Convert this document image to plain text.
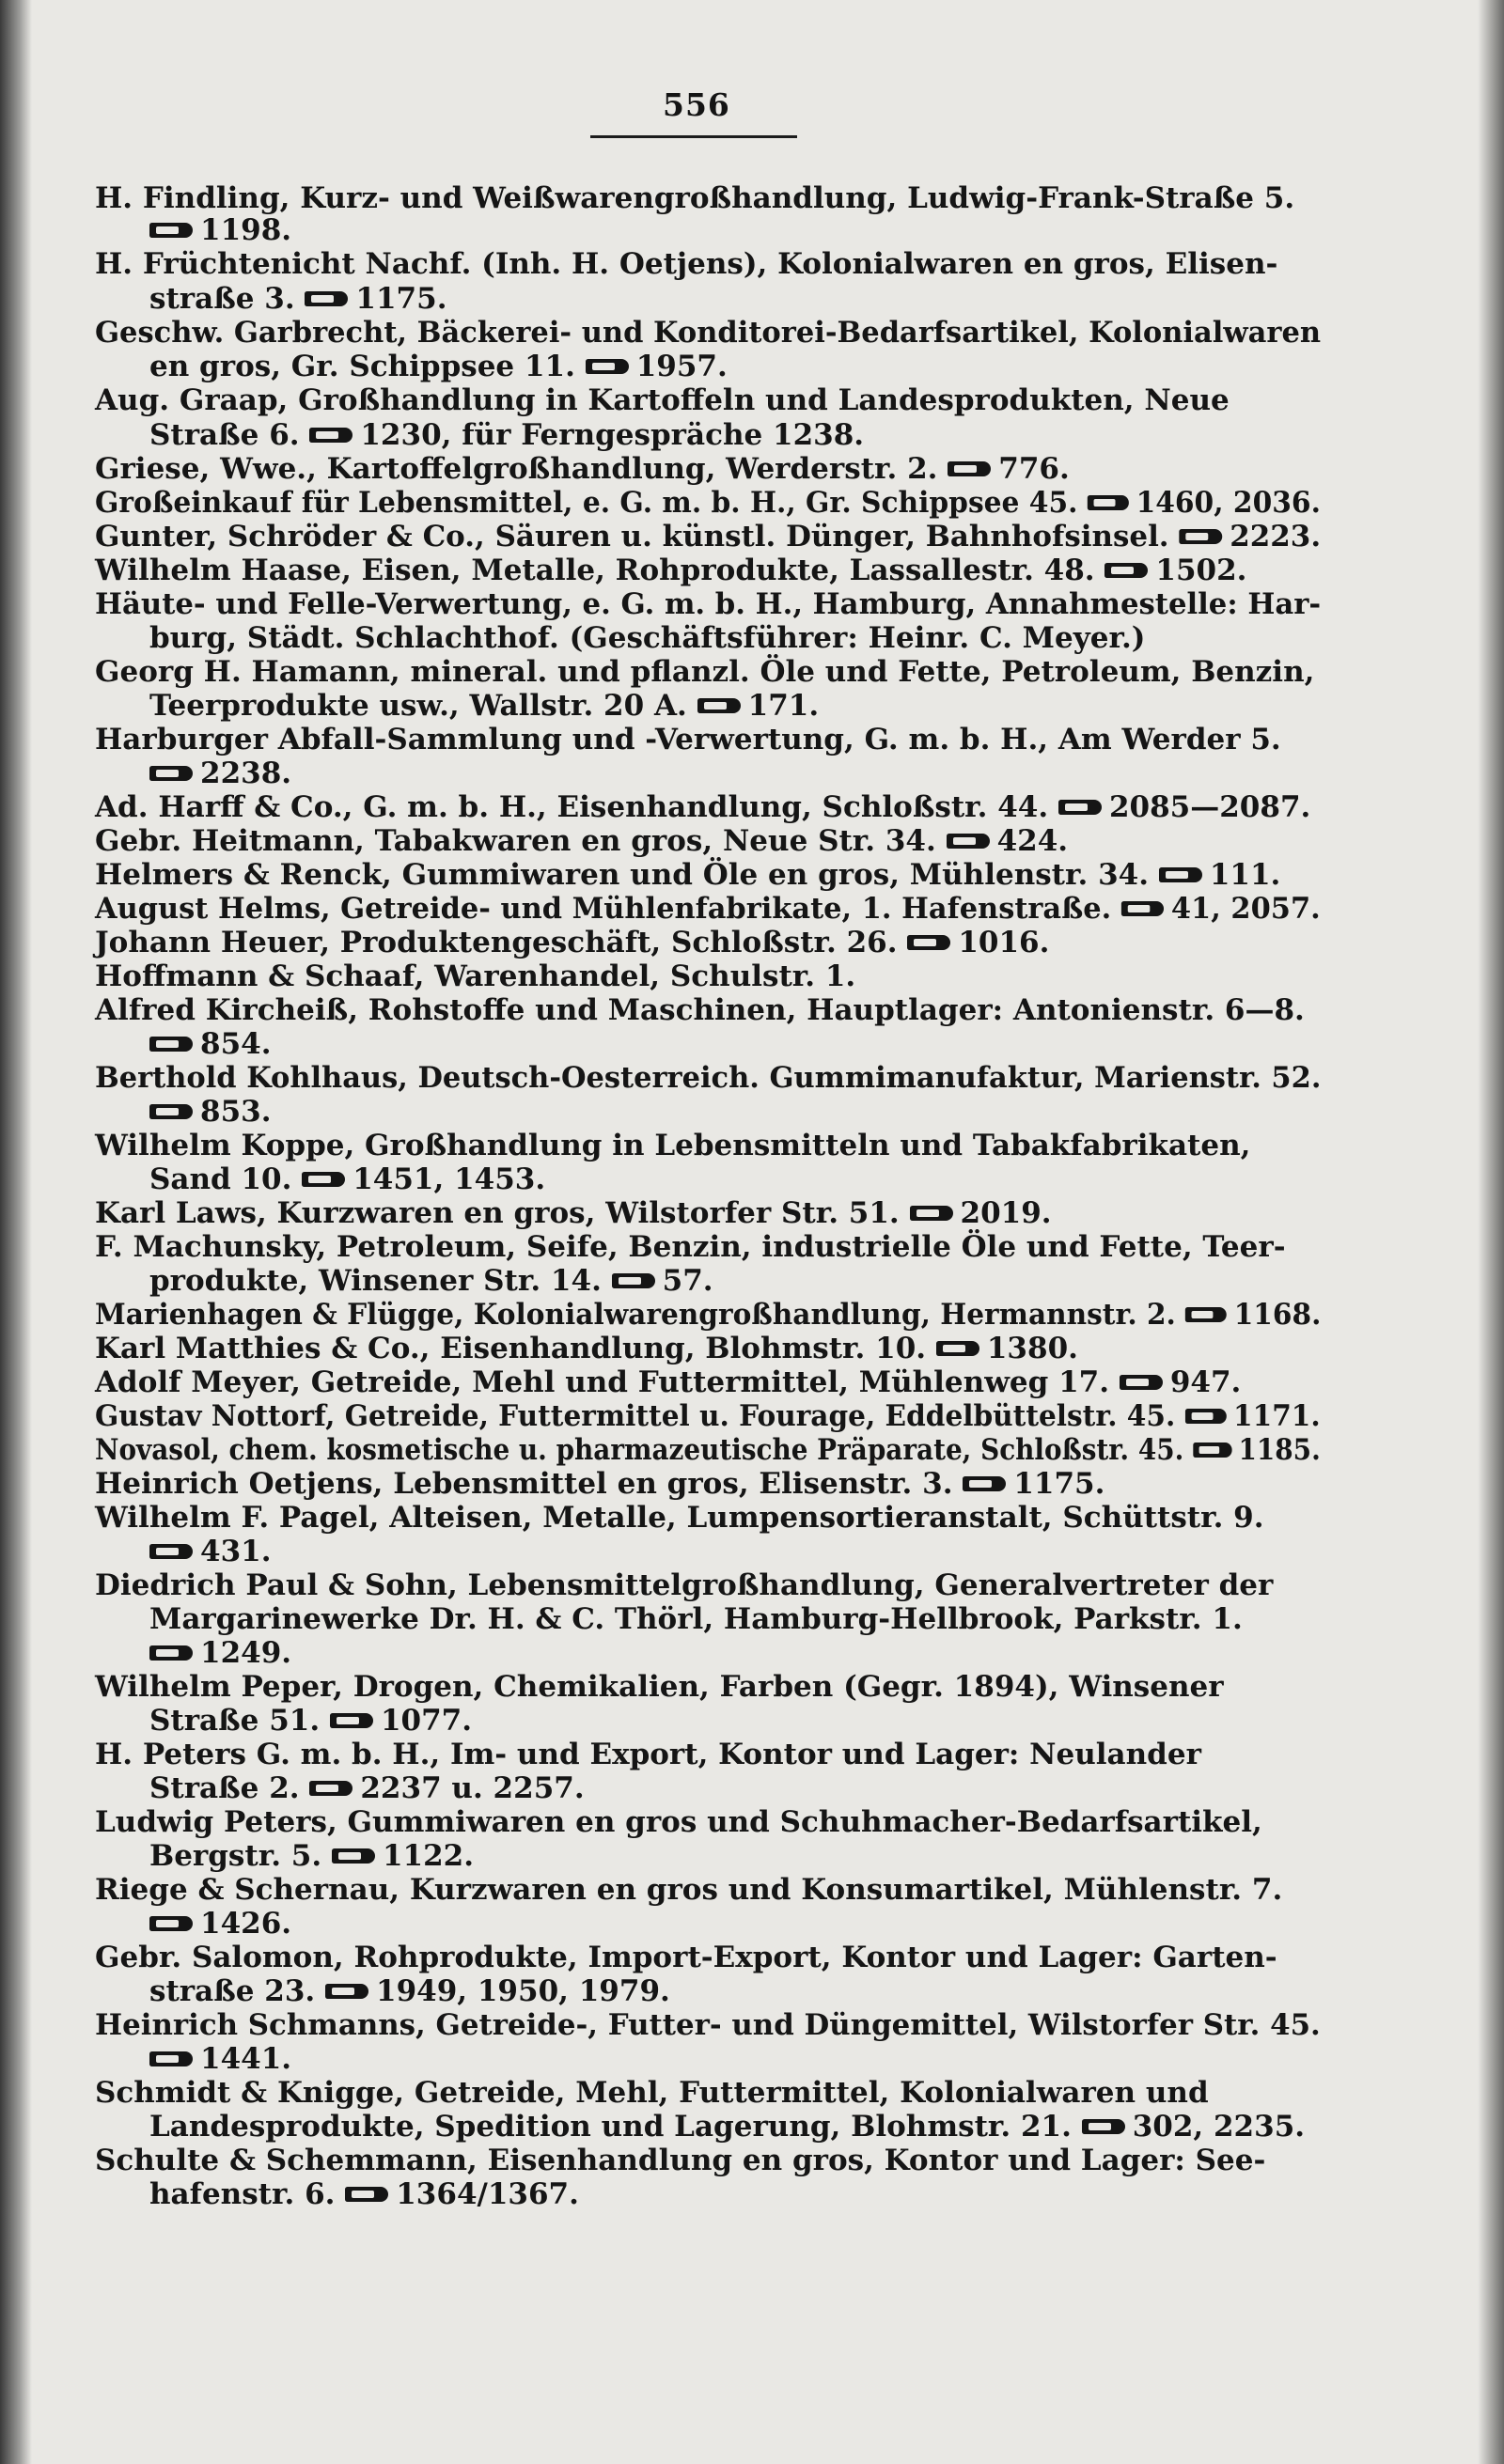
556
H. Findling, Kurz- und Weißwarengroßhandlung, Ludwig-Frank-Straße 5.
1198.
H. Früchtenicht Nachf. (Inh. H. Oetjens), Kolonialwaren en gros, Elisen-
straße 3. 1175.
Geschw. Garbrecht, Bäckerei- und Konditorei-Bedarfsartikel, Kolonialwaren
en gros, Gr. Schippsee 11. 1957.
Aug. Graap, Großhandlung in Kartoffeln und Landesprodukten, Neue
Straße 6. 1230, für Ferngespräche 1238.
Griese, Wwe., Kartoffelgroßhandlung, Werderstr. 2. 776.
Großeinkauf für Lebensmittel, e. G. m. b. H., Gr. Schippsee 45. 1460, 2036.
Gunter, Schröder & Co., Säuren u. künstl. Dünger, Bahnhofsinsel. 2223.
Wilhelm Haase, Eisen, Metalle, Rohprodukte, Lassallestr. 48. 1502.
Häute- und Felle-Verwertung, e. G. m. b. H., Hamburg, Annahmestelle: Har-
burg, Städt. Schlachthof. (Geschäftsführer: Heinr. C. Meyer.)
Georg H. Hamann, mineral. und pflanzl. Öle und Fette, Petroleum, Benzin,
Teerprodukte usw., Wallstr. 20 A. 171.
Harburger Abfall-Sammlung und -Verwertung, G. m. b. H., Am Werder 5.
2238.
Ad. Harff & Co., G. m. b. H., Eisenhandlung, Schloßstr. 44. 2085—2087.
Gebr. Heitmann, Tabakwaren en gros, Neue Str. 34. 424.
Helmers & Renck, Gummiwaren und Öle en gros, Mühlenstr. 34. 111.
August Helms, Getreide- und Mühlenfabrikate, 1. Hafenstraße. 41, 2057.
Johann Heuer, Produktengeschäft, Schloßstr. 26. 1016.
Hoffmann & Schaaf, Warenhandel, Schulstr. 1.
Alfred Kircheiß, Rohstoffe und Maschinen, Hauptlager: Antonienstr. 6—8.
854.
Berthold Kohlhaus, Deutsch-Oesterreich. Gummimanufaktur, Marienstr. 52.
853.
Wilhelm Koppe, Großhandlung in Lebensmitteln und Tabakfabrikaten,
Sand 10. 1451, 1453.
Karl Laws, Kurzwaren en gros, Wilstorfer Str. 51. 2019.
F. Machunsky, Petroleum, Seife, Benzin, industrielle Öle und Fette, Teer-
produkte, Winsener Str. 14. 57.
Marienhagen & Flügge, Kolonialwarengroßhandlung, Hermannstr. 2. 1168.
Karl Matthies & Co., Eisenhandlung, Blohmstr. 10. 1380.
Adolf Meyer, Getreide, Mehl und Futtermittel, Mühlenweg 17. 947.
Gustav Nottorf, Getreide, Futtermittel u. Fourage, Eddelbüttelstr. 45. 1171.
Novasol, chem. kosmetische u. pharmazeutische Präparate, Schloßstr. 45. 1185.
Heinrich Oetjens, Lebensmittel en gros, Elisenstr. 3. 1175.
Wilhelm F. Pagel, Alteisen, Metalle, Lumpensortieranstalt, Schüttstr. 9.
431.
Diedrich Paul & Sohn, Lebensmittelgroßhandlung, Generalvertreter der
Margarinewerke Dr. H. & C. Thörl, Hamburg-Hellbrook, Parkstr. 1.
1249.
Wilhelm Peper, Drogen, Chemikalien, Farben (Gegr. 1894), Winsener
Straße 51. 1077.
H. Peters G. m. b. H., Im- und Export, Kontor und Lager: Neulander
Straße 2. 2237 u. 2257.
Ludwig Peters, Gummiwaren en gros und Schuhmacher-Bedarfsartikel,
Bergstr. 5. 1122.
Riege & Schernau, Kurzwaren en gros und Konsumartikel, Mühlenstr. 7.
1426.
Gebr. Salomon, Rohprodukte, Import-Export, Kontor und Lager: Garten-
straße 23. 1949, 1950, 1979.
Heinrich Schmanns, Getreide-, Futter- und Düngemittel, Wilstorfer Str. 45.
1441.
Schmidt & Knigge, Getreide, Mehl, Futtermittel, Kolonialwaren und
Landesprodukte, Spedition und Lagerung, Blohmstr. 21. 302, 2235.
Schulte & Schemmann, Eisenhandlung en gros, Kontor und Lager: See-
hafenstr. 6. 1364/1367.
